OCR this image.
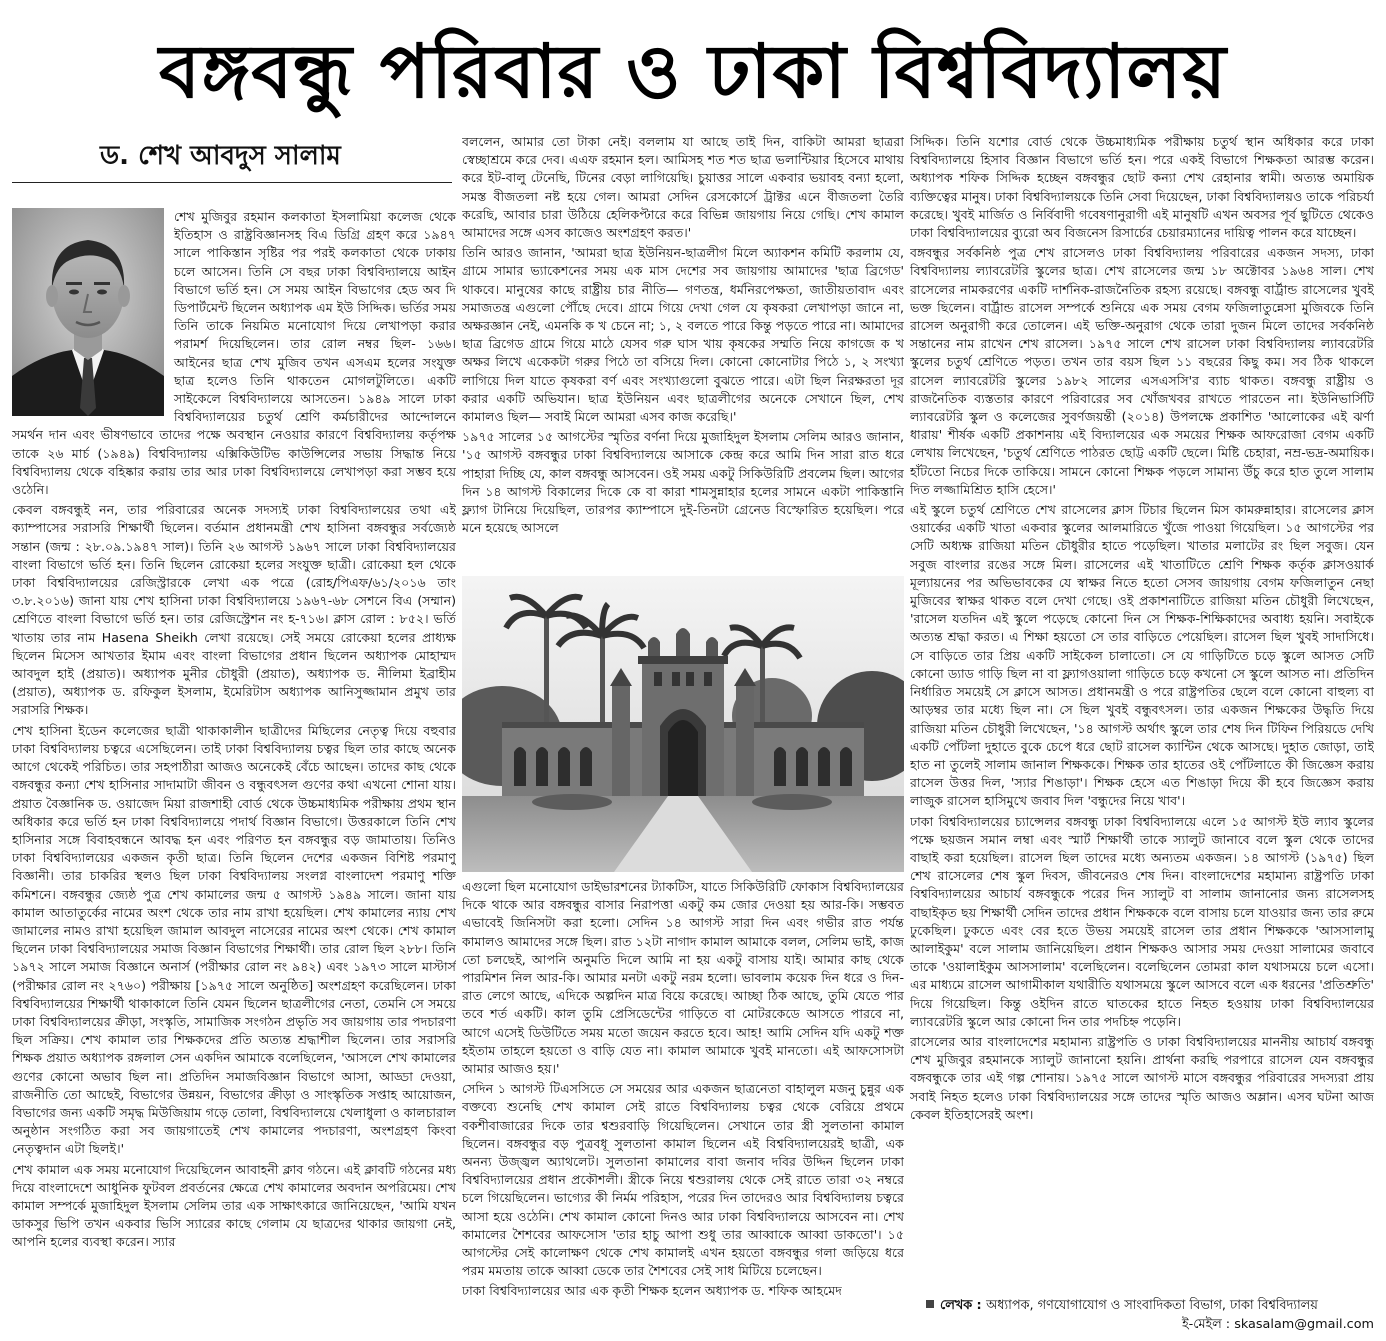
বঙ্গবন্ধু পরিবার ও ঢাকা বিশ্ববিদ্যালয়
ড. শেখ আবদুস সালাম

শেখ মুজিবুর রহমান কলকাতা ইসলামিয়া কলেজ থেকে ইতিহাস ও রাষ্ট্রবিজ্ঞানসহ বিএ ডিগ্রি গ্রহণ করে ১৯৪৭ সালে পাকিস্তান সৃষ্টির পর পরই কলকাতা থেকে ঢাকায় চলে আসেন। তিনি সে বছর ঢাকা বিশ্ববিদ্যালয়ে আইন বিভাগে ভর্তি হন। সে সময় আইন বিভাগের হেড অব দি ডিপার্টমেন্ট ছিলেন অধ্যাপক এম ইউ সিদ্দিক। ভর্তির সময় তিনি তাকে নিয়মিত মনোযোগ দিয়ে লেখাপড়া করার পরামর্শ দিয়েছিলেন। তার রোল নম্বর ছিল- ১৬৬। আইনের ছাত্র শেখ মুজিব তখন এসএম হলের সংযুক্ত ছাত্র হলেও তিনি থাকতেন মোগলটুলিতে। একটি সাইকেলে বিশ্ববিদ্যালয়ে আসতেন। ১৯৪৯ সালে ঢাকা বিশ্ববিদ্যালয়ের চতুর্থ শ্রেণি কর্মচারীদের আন্দোলনে সমর্থন দান এবং ভীষণভাবে তাদের পক্ষে অবস্থান নেওয়ার কারণে বিশ্ববিদ্যালয় কর্তৃপক্ষ তাকে ২৬ মার্চ (১৯৪৯) বিশ্ববিদ্যালয় এক্সিকিউটিভ কাউন্সিলের সভায় সিদ্ধান্ত নিয়ে বিশ্ববিদ্যালয় থেকে বহিষ্কার করায় তার আর ঢাকা বিশ্ববিদ্যালয়ে লেখাপড়া করা সম্ভব হয়ে ওঠেনি।

কেবল বঙ্গবন্ধুই নন, তার পরিবারের অনেক সদস্যই ঢাকা বিশ্ববিদ্যালয়ের তথা এই ক্যাম্পাসের সরাসরি শিক্ষার্থী ছিলেন। বর্তমান প্রধানমন্ত্রী শেখ হাসিনা বঙ্গবন্ধুর সর্বজ্যেষ্ঠ সন্তান (জন্ম : ২৮.০৯.১৯৪৭ সাল)। তিনি ২৬ আগস্ট ১৯৬৭ সালে ঢাকা বিশ্ববিদ্যালয়ের বাংলা বিভাগে ভর্তি হন। তিনি ছিলেন রোকেয়া হলের সংযুক্ত ছাত্রী। রোকেয়া হল থেকে ঢাকা বিশ্ববিদ্যালয়ের রেজিস্ট্রারকে লেখা এক পত্রে (রোহ/পিএফ/৬১/২০১৬ তাং ৩.৮.২০১৬) জানা যায় শেখ হাসিনা ঢাকা বিশ্ববিদ্যালয়ে ১৯৬৭-৬৮ সেশনে বিএ (সম্মান) শ্রেণিতে বাংলা বিভাগে ভর্তি হন। তার রেজিস্ট্রেশন নং হ-৭১৬। ক্লাস রোল : ৮৫২। ভর্তি খাতায় তার নাম Hasena Sheikh লেখা রয়েছে। সেই সময়ে রোকেয়া হলের প্রাধ্যক্ষ ছিলেন মিসেস আখতার ইমাম এবং বাংলা বিভাগের প্রধান ছিলেন অধ্যাপক মোহাম্মদ আবদুল হাই (প্রয়াত)। অধ্যাপক মুনীর চৌধুরী (প্রয়াত), অধ্যাপক ড. নীলিমা ইব্রাহীম (প্রয়াত), অধ্যাপক ড. রফিকুল ইসলাম, ইমেরিটাস অধ্যাপক আনিসুজ্জামান প্রমুখ তার সরাসরি শিক্ষক।

শেখ হাসিনা ইডেন কলেজের ছাত্রী থাকাকালীন ছাত্রীদের মিছিলের নেতৃত্ব দিয়ে বহুবার ঢাকা বিশ্ববিদ্যালয় চত্বরে এসেছিলেন। তাই ঢাকা বিশ্ববিদ্যালয় চত্বর ছিল তার কাছে অনেক আগে থেকেই পরিচিত। তার সহপাঠীরা আজও অনেকেই বেঁচে আছেন। তাদের কাছ থেকে বঙ্গবন্ধুর কন্যা শেখ হাসিনার সাদামাটা জীবন ও বন্ধুবৎসল গুণের কথা এখনো শোনা যায়। প্রয়াত বৈজ্ঞানিক ড. ওয়াজেদ মিয়া রাজশাহী বোর্ড থেকে উচ্চমাধ্যমিক পরীক্ষায় প্রথম স্থান অধিকার করে ভর্তি হন ঢাকা বিশ্ববিদ্যালয়ে পদার্থ বিজ্ঞান বিভাগে। উত্তরকালে তিনি শেখ হাসিনার সঙ্গে বিবাহবন্ধনে আবদ্ধ হন এবং পরিণত হন বঙ্গবন্ধুর বড় জামাতায়। তিনিও ঢাকা বিশ্ববিদ্যালয়ের একজন কৃতী ছাত্র। তিনি ছিলেন দেশের একজন বিশিষ্ট পরমাণু বিজ্ঞানী। তার চাকরির স্থলও ছিল ঢাকা বিশ্ববিদ্যালয় সংলগ্ন বাংলাদেশ পরমাণু শক্তি কমিশনে। বঙ্গবন্ধুর জ্যেষ্ঠ পুত্র শেখ কামালের জন্ম ৫ আগস্ট ১৯৪৯ সালে। জানা যায় কামাল আতাতুর্কের নামের অংশ থেকে তার নাম রাখা হয়েছিল। শেখ কামালের ন্যায় শেখ জামালের নামও রাখা হয়েছিল জামাল আবদুল নাসেরের নামের অংশ থেকে। শেখ কামাল ছিলেন ঢাকা বিশ্ববিদ্যালয়ের সমাজ বিজ্ঞান বিভাগের শিক্ষার্থী। তার রোল ছিল ২৮৮। তিনি ১৯৭২ সালে সমাজ বিজ্ঞানে অনার্স (পরীক্ষার রোল নং ৯৪২) এবং ১৯৭৩ সালে মাস্টার্স (পরীক্ষার রোল নং ২৭৬০) পরীক্ষায় [১৯৭৫ সালে অনুষ্ঠিত] অংশগ্রহণ করেছিলেন। ঢাকা বিশ্ববিদ্যালয়ের শিক্ষার্থী থাকাকালে তিনি যেমন ছিলেন ছাত্রলীগের নেতা, তেমনি সে সময়ে ঢাকা বিশ্ববিদ্যালয়ের ক্রীড়া, সংস্কৃতি, সামাজিক সংগঠন প্রভৃতি সব জায়গায় তার পদচারণা ছিল সক্রিয়। শেখ কামাল তার শিক্ষকদের প্রতি অত্যন্ত শ্রদ্ধাশীল ছিলেন। তার সরাসরি শিক্ষক প্রয়াত অধ্যাপক রঙ্গলাল সেন একদিন আমাকে বলেছিলেন, 'আসলে শেখ কামালের গুণের কোনো অভাব ছিল না। প্রতিদিন সমাজবিজ্ঞান বিভাগে আসা, আড্ডা দেওয়া, রাজনীতি তো আছেই, বিভাগের উন্নয়ন, বিভাগের ক্রীড়া ও সাংস্কৃতিক সপ্তাহ আয়োজন, বিভাগের জন্য একটি সমৃদ্ধ মিউজিয়াম গড়ে তোলা, বিশ্ববিদ্যালয়ে খেলাধুলা ও কালচারাল অনুষ্ঠান সংগঠিত করা সব জায়গাতেই শেখ কামালের পদচারণা, অংশগ্রহণ কিংবা নেতৃত্বদান এটা ছিলই।'

শেখ কামাল এক সময় মনোযোগ দিয়েছিলেন আবাহনী ক্লাব গঠনে। এই ক্লাবটি গঠনের মধ্য দিয়ে বাংলাদেশে আধুনিক ফুটবল প্রবর্তনের ক্ষেত্রে শেখ কামালের অবদান অপরিমেয়। শেখ কামাল সম্পর্কে মুজাহিদুল ইসলাম সেলিম তার এক সাক্ষাৎকারে জানিয়েছেন, 'আমি যখন ডাকসুর ভিপি তখন একবার ভিসি স্যারের কাছে গেলাম যে ছাত্রদের থাকার জায়গা নেই, আপনি হলের ব্যবস্থা করেন। স্যার

বললেন, আমার তো টাকা নেই। বললাম যা আছে তাই দিন, বাকিটা আমরা ছাত্ররা স্বেচ্ছাশ্রমে করে দেব। এএফ রহমান হল। আমিসহ শত শত ছাত্র ভলান্টিয়ার হিসেবে মাথায় করে ইট-বালু টেনেছি, টিনের বেড়া লাগিয়েছি। চুয়াত্তর সালে একবার ভয়াবহ বন্যা হলো, সমস্ত বীজতলা নষ্ট হয়ে গেল। আমরা সেদিন রেসকোর্সে ট্রাক্টর এনে বীজতলা তৈরি করেছি, আবার চারা উঠিয়ে হেলিকপ্টারে করে বিভিন্ন জায়গায় নিয়ে গেছি। শেখ কামাল আমাদের সঙ্গে এসব কাজেও অংশগ্রহণ করত।'

তিনি আরও জানান, 'আমরা ছাত্র ইউনিয়ন-ছাত্রলীগ মিলে অ্যাকশন কমিটি করলাম যে, গ্রামে সামার ভ্যাকেশনের সময় এক মাস দেশের সব জায়গায় আমাদের 'ছাত্র ব্রিগেড' থাকবে। মানুষের কাছে রাষ্ট্রীয় চার নীতি— গণতন্ত্র, ধর্মনিরপেক্ষতা, জাতীয়তাবাদ এবং সমাজতন্ত্র এগুলো পৌঁছে দেবে। গ্রামে গিয়ে দেখা গেল যে কৃষকরা লেখাপড়া জানে না, অক্ষরজ্ঞান নেই, এমনকি ক খ চেনে না; ১, ২ বলতে পারে কিন্তু পড়তে পারে না। আমাদের ছাত্র ব্রিগেড গ্রামে গিয়ে মাঠে যেসব গরু ঘাস খায় কৃষকের সম্মতি নিয়ে কাগজে ক খ অক্ষর লিখে একেকটা গরুর পিঠে তা বসিয়ে দিল। কোনো কোনোটার পিঠে ১, ২ সংখ্যা লাগিয়ে দিল যাতে কৃষকরা বর্ণ এবং সংখ্যাগুলো বুঝতে পারে। এটা ছিল নিরক্ষরতা দূর করার একটি অভিযান। ছাত্র ইউনিয়ন এবং ছাত্রলীগের অনেকে সেখানে ছিল, শেখ কামালও ছিল— সবাই মিলে আমরা এসব কাজ করেছি।'

১৯৭৫ সালের ১৫ আগস্টের স্মৃতির বর্ণনা দিয়ে মুজাহিদুল ইসলাম সেলিম আরও জানান, '১৫ আগস্ট বঙ্গবন্ধুর ঢাকা বিশ্ববিদ্যালয়ে আসাকে কেন্দ্র করে আমি দিন সারা রাত ধরে পাহারা দিচ্ছি যে, কাল বঙ্গবন্ধু আসবেন। ওই সময় একটু সিকিউরিটি প্রবলেম ছিল। আগের দিন ১৪ আগস্ট বিকালের দিকে কে বা কারা শামসুন্নাহার হলের সামনে একটা পাকিস্তানি ফ্ল্যাগ টানিয়ে দিয়েছিল, তারপর ক্যাম্পাসে দুই-তিনটা গ্রেনেড বিস্ফোরিত হয়েছিল। পরে মনে হয়েছে আসলে

এগুলো ছিল মনোযোগ ডাইভারশনের ট্যাকটিস, যাতে সিকিউরিটি ফোকাস বিশ্ববিদ্যালয়ের দিকে থাকে আর বঙ্গবন্ধুর বাসার নিরাপত্তা একটু কম জোর দেওয়া হয় আর-কি। সম্ভবত এভাবেই জিনিসটা করা হলো। সেদিন ১৪ আগস্ট সারা দিন এবং গভীর রাত পর্যন্ত কামালও আমাদের সঙ্গে ছিল। রাত ১২টা নাগাদ কামাল আমাকে বলল, সেলিম ভাই, কাজ তো চলছেই, আপনি অনুমতি দিলে আমি না হয় একটু বাসায় যাই। আমার কাছ থেকে পারমিশন নিল আর-কি। আমার মনটা একটু নরম হলো। ভাবলাম কয়েক দিন ধরে ও দিন-রাত লেগে আছে, এদিকে অল্পদিন মাত্র বিয়ে করেছে। আচ্ছা ঠিক আছে, তুমি যেতে পার তবে শর্ত একটি। কাল তুমি প্রেসিডেন্টের গাড়িতে বা মোটরকেডে আসতে পারবে না, আগে এসেই ডিউটিতে সময় মতো জয়েন করতে হবে। আহ! আমি সেদিন যদি একটু শক্ত হইতাম তাহলে হয়তো ও বাড়ি যেত না। কামাল আমাকে খুবই মানতো। এই আফসোসটা আমার আজও হয়।'

সেদিন ১ আগস্ট টিএসসিতে সে সময়ের আর একজন ছাত্রনেতা বাহালুল মজনু চুন্নুর এক বক্তব্যে শুনেছি শেখ কামাল সেই রাতে বিশ্ববিদ্যালয় চত্বর থেকে বেরিয়ে প্রথমে বকশীবাজারের দিকে তার শ্বশুরবাড়ি গিয়েছিলেন। সেখানে তার স্ত্রী সুলতানা কামাল ছিলেন। বঙ্গবন্ধুর বড় পুত্রবধূ সুলতানা কামাল ছিলেন এই বিশ্ববিদ্যালয়েরই ছাত্রী, এক অনন্য উজ্জ্বল অ্যাথলেট। সুলতানা কামালের বাবা জনাব দবির উদ্দিন ছিলেন ঢাকা বিশ্ববিদ্যালয়ের প্রধান প্রকৌশলী। স্ত্রীকে নিয়ে শ্বশুরালয় থেকে সেই রাতে তারা ৩২ নম্বরে চলে গিয়েছিলেন। ভাগ্যের কী নির্মম পরিহাস, পরের দিন তাদেরও আর বিশ্ববিদ্যালয় চত্বরে আসা হয়ে ওঠেনি। শেখ কামাল কোনো দিনও আর ঢাকা বিশ্ববিদ্যালয়ে আসবেন না। শেখ কামালের শৈশবের আফসোস 'তার হাচু আপা শুধু তার আব্বাকে আব্বা ডাকতো'। ১৫ আগস্টের সেই কালোক্ষণ থেকে শেখ কামালই এখন হয়তো বঙ্গবন্ধুর গলা জড়িয়ে ধরে পরম মমতায় তাকে আব্বা ডেকে তার শৈশবের সেই সাধ মিটিয়ে চলেছেন।

ঢাকা বিশ্ববিদ্যালয়ের আর এক কৃতী শিক্ষক হলেন অধ্যাপক ড. শফিক আহমেদ

সিদ্দিক। তিনি যশোর বোর্ড থেকে উচ্চমাধ্যমিক পরীক্ষায় চতুর্থ স্থান অধিকার করে ঢাকা বিশ্ববিদ্যালয়ে হিসাব বিজ্ঞান বিভাগে ভর্তি হন। পরে একই বিভাগে শিক্ষকতা আরম্ভ করেন। অধ্যাপক শফিক সিদ্দিক হচ্ছেন বঙ্গবন্ধুর ছোট কন্যা শেখ রেহানার স্বামী। অত্যন্ত অমায়িক ব্যক্তিত্বের মানুষ। ঢাকা বিশ্ববিদ্যালয়কে তিনি সেবা দিয়েছেন, ঢাকা বিশ্ববিদ্যালয়ও তাকে পরিচর্যা করেছে। খুবই মার্জিত ও নির্বিবাদী গবেষণানুরাগী এই মানুষটি এখন অবসর পূর্ব ছুটিতে থেকেও ঢাকা বিশ্ববিদ্যালয়ের ব্যুরো অব বিজনেস রিসার্চের চেয়ারম্যানের দায়িত্ব পালন করে যাচ্ছেন।

বঙ্গবন্ধুর সর্বকনিষ্ঠ পুত্র শেখ রাসেলও ঢাকা বিশ্ববিদ্যালয় পরিবারের একজন সদস্য, ঢাকা বিশ্ববিদ্যালয় ল্যাবরেটরি স্কুলের ছাত্র। শেখ রাসেলের জন্ম ১৮ অক্টোবর ১৯৬৪ সাল। শেখ রাসেলের নামকরণের একটি দার্শনিক-রাজনৈতিক রহস্য রয়েছে। বঙ্গবন্ধু বার্ট্রান্ড রাসেলের খুবই ভক্ত ছিলেন। বার্ট্রান্ড রাসেল সম্পর্কে শুনিয়ে এক সময় বেগম ফজিলাতুন্নেসা মুজিবকে তিনি রাসেল অনুরাগী করে তোলেন। এই ভক্তি-অনুরাগ থেকে তারা দুজন মিলে তাদের সর্বকনিষ্ঠ সন্তানের নাম রাখেন শেখ রাসেল। ১৯৭৫ সালে শেখ রাসেল ঢাকা বিশ্ববিদ্যালয় ল্যাবরেটরি স্কুলের চতুর্থ শ্রেণিতে পড়ত। তখন তার বয়স ছিল ১১ বছরের কিছু কম। সব ঠিক থাকলে রাসেল ল্যাবরেটরি স্কুলের ১৯৮২ সালের এসএসসি'র ব্যাচ থাকত। বঙ্গবন্ধু রাষ্ট্রীয় ও রাজনৈতিক ব্যস্ততার কারণে পরিবারের সব খোঁজখবর রাখতে পারতেন না। ইউনিভার্সিটি ল্যাবরেটরি স্কুল ও কলেজের সুবর্ণজয়ন্তী (২০১৪) উপলক্ষে প্রকাশিত 'আলোকের এই ঝর্ণা ধারায়' শীর্ষক একটি প্রকাশনায় এই বিদ্যালয়ের এক সময়ের শিক্ষক আফরোজা বেগম একটি লেখায় লিখেছেন, 'চতুর্থ শ্রেণিতে পাঠরত ছোট্ট একটি ছেলে। মিষ্টি চেহারা, নম্র-ভদ্র-অমায়িক। হাঁটতো নিচের দিকে তাকিয়ে। সামনে কোনো শিক্ষক পড়লে সামান্য উঁচু করে হাত তুলে সালাম দিত লজ্জামিশ্রিত হাসি হেসে।'

এই স্কুলে চতুর্থ শ্রেণিতে শেখ রাসেলের ক্লাস টিচার ছিলেন মিস কামরুন্নাহার। রাসেলের ক্লাস ওয়ার্কের একটি খাতা একবার স্কুলের আলমারিতে খুঁজে পাওয়া গিয়েছিল। ১৫ আগস্টের পর সেটি অধ্যক্ষ রাজিয়া মতিন চৌধুরীর হাতে পড়েছিল। খাতার মলাটের রং ছিল সবুজ। যেন সবুজ বাংলার রঙের সঙ্গে মিল। রাসেলের এই খাতাটিতে শ্রেণি শিক্ষক কর্তৃক ক্লাসওয়ার্ক মূল্যায়নের পর অভিভাবকের যে স্বাক্ষর নিতে হতো সেসব জায়গায় বেগম ফজিলাতুন নেছা মুজিবের স্বাক্ষর থাকত বলে দেখা গেছে। ওই প্রকাশনাটিতে রাজিয়া মতিন চৌধুরী লিখেছেন, 'রাসেল যতদিন এই স্কুলে পড়েছে কোনো দিন সে শিক্ষক-শিক্ষিকাদের অবাধ্য হয়নি। সবাইকে অত্যন্ত শ্রদ্ধা করত। এ শিক্ষা হয়তো সে তার বাড়িতে পেয়েছিল। রাসেল ছিল খুবই সাদাসিধে। সে বাড়িতে তার প্রিয় একটি সাইকেল চালাতো। সে যে গাড়িটিতে চড়ে স্কুলে আসত সেটি কোনো ড্যাড গাড়ি ছিল না বা ফ্ল্যাগওয়ালা গাড়িতে চড়ে কখনো সে স্কুলে আসত না। প্রতিদিন নির্ধারিত সময়েই সে ক্লাসে আসত। প্রধানমন্ত্রী ও পরে রাষ্ট্রপতির ছেলে বলে কোনো বাহুল্য বা আড়ম্বর তার মধ্যে ছিল না। সে ছিল খুবই বন্ধুবৎসল। তার একজন শিক্ষকের উদ্ধৃতি দিয়ে রাজিয়া মতিন চৌধুরী লিখেছেন, '১৪ আগস্ট অর্থাৎ স্কুলে তার শেষ দিন টিফিন পিরিয়ডে দেখি একটি পোঁটলা দুহাতে বুকে চেপে ধরে ছোট রাসেল ক্যান্টিন থেকে আসছে। দুহাত জোড়া, তাই হাত না তুলেই সালাম জানাল শিক্ষককে। শিক্ষক তার হাতের ওই পোঁটলাতে কী জিজ্ঞেস করায় রাসেল উত্তর দিল, 'স্যার শিঙাড়া'। শিক্ষক হেসে এত শিঙাড়া দিয়ে কী হবে জিজ্ঞেস করায় লাজুক রাসেল হাসিমুখে জবাব দিল 'বন্ধুদের নিয়ে খাব'।

ঢাকা বিশ্ববিদ্যালয়ের চ্যান্সেলর বঙ্গবন্ধু ঢাকা বিশ্ববিদ্যালয়ে এলে ১৫ আগস্ট ইউ ল্যাব স্কুলের পক্ষে ছয়জন সমান লম্বা এবং স্মার্ট শিক্ষার্থী তাকে স্যালুট জানাবে বলে স্কুল থেকে তাদের বাছাই করা হয়েছিল। রাসেল ছিল তাদের মধ্যে অন্যতম একজন। ১৪ আগস্ট (১৯৭৫) ছিল শেখ রাসেলের শেষ স্কুল দিবস, জীবনেরও শেষ দিন। বাংলাদেশের মহামান্য রাষ্ট্রপতি ঢাকা বিশ্ববিদ্যালয়ের আচার্য বঙ্গবন্ধুকে পরের দিন স্যালুট বা সালাম জানানোর জন্য রাসেলসহ বাছাইকৃত ছয় শিক্ষার্থী সেদিন তাদের প্রধান শিক্ষককে বলে বাসায় চলে যাওয়ার জন্য তার রুমে ঢুকেছিল। ঢুকতে এবং বের হতে উভয় সময়েই রাসেল তার প্রধান শিক্ষককে 'আসসালামু আলাইকুম' বলে সালাম জানিয়েছিল। প্রধান শিক্ষকও আসার সময় দেওয়া সালামের জবাবে তাকে 'ওয়ালাইকুম আসসালাম' বলেছিলেন। বলেছিলেন তোমরা কাল যথাসময়ে চলে এসো। এর মাধ্যমে রাসেল আগামীকাল যথারীতি যথাসময়ে স্কুলে আসবে বলে এক ধরনের 'প্রতিশ্রুতি' দিয়ে গিয়েছিল। কিন্তু ওইদিন রাতে ঘাতকের হাতে নিহত হওয়ায় ঢাকা বিশ্ববিদ্যালয়ের ল্যাবরেটরি স্কুলে আর কোনো দিন তার পদচিহ্ন পড়েনি।

রাসেলের আর বাংলাদেশের মহামান্য রাষ্ট্রপতি ও ঢাকা বিশ্ববিদ্যালয়ের মাননীয় আচার্য বঙ্গবন্ধু শেখ মুজিবুর রহমানকে স্যালুট জানানো হয়নি। প্রার্থনা করছি পরপারে রাসেল যেন বঙ্গবন্ধুর বঙ্গবন্ধুকে তার এই গল্প শোনায়। ১৯৭৫ সালে আগস্ট মাসে বঙ্গবন্ধুর পরিবারের সদস্যরা প্রায় সবাই নিহত হলেও ঢাকা বিশ্ববিদ্যালয়ের সঙ্গে তাদের স্মৃতি আজও অম্লান। এসব ঘটনা আজ কেবল ইতিহাসেরই অংশ।

লেখক : অধ্যাপক, গণযোগাযোগ ও সাংবাদিকতা বিভাগ, ঢাকা বিশ্ববিদ্যালয়
ই-মেইল : skasalam@gmail.com
